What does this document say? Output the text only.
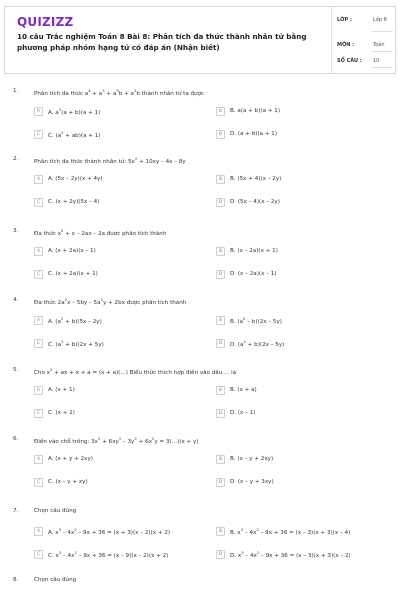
QUIZIZZ
10 câu Trắc nghiệm Toán 8 Bài 8: Phân tích đa thức thành nhân tử bằng phương pháp nhóm hạng tử có đáp án (Nhận biết)
LỚP :	Lớp 8
MÔN :	Toán
SỐ CÂU : 10
1.	Phân tích đa thức $a^4 + a^3 + a^3b + a^2b$ thành nhân tử ta được
A	A. $a^2(a + b)(a + 1)$	B	B. a(a + b)(a + 1)
C	C. $(a^2 + ab)(a + 1)$	D	D. (a + b)(a + 1)
2.	Phân tích đa thức thành nhân tử: $5x^2 + 10xy - 4x - 8y$
A	A. (5x – 2y)(x + 4y)	B	B. (5x + 4)(x – 2y)
C	C. (x + 2y)(5x – 4)	D	D. (5x – 4)(x – 2y)
3.	Đa thức $x^2 + x - 2ax - 2a$ được phân tích thành
A	A. (x + 2a)(x – 1)	B	B. (x – 2a)(x + 1)
C	C. (x + 2a)(x + 1)	D	D. (x – 2a)(x – 1)
4.	Đa thức $2a^2x - 5by - 5a^2y + 2bx$ được phân tích thành
A	A. $(a^2 + b)(5x - 2y)$	B	B. $(a^2 - b)(2x - 5y)$
C	C. $(a^2 + b)(2x + 5y)$	D	D. $(a^2 + b)(2x - 5y)$
5.	Cho $x^2$ + ax + x + a = (x + a)(...) Biểu thức thích hợp điền vào dấu ... là
A	A. (x + 1)	B	B. (x + a)
C	C. (x + 2)	D	D. (x – 1)
6.	Điền vào chỗ trống: $3x^2 + 6xy^2 - 3y^2 + 6x^2y = 3(...)(x + y)$
A	A. (x + y + 2xy)	B	B. (x – y + 2xy)
C	C. (x – y + xy)	D	D. (x – y + 3xy)
7.	Chọn câu đúng
A	A. $x^3 - 4x^2 - 9x + 36 = (x + 3)(x - 2)(x + 2)$	B	B. $x^3 - 4x^2 - 9x + 36 = (x - 3)(x + 3)(x - 4)$
C	C. $x^3 - 4x^2 - 9x + 36 = (x - 9)(x - 2)(x + 2)$	D	D. $x^3 - 4x^2 - 9x + 36 = (x - 3)(x + 3)(x - 2)$
8.	Chọn câu đúng
